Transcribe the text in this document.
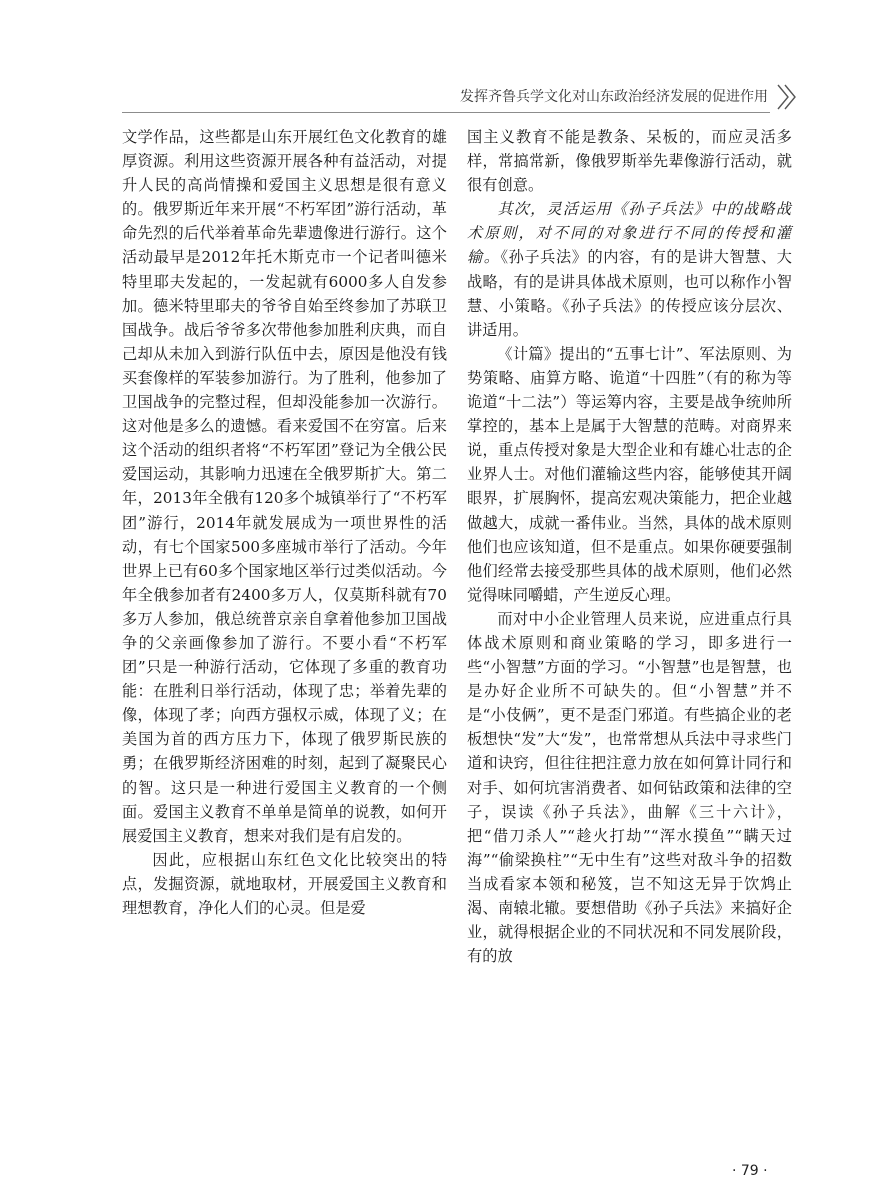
发挥齐鲁兵学文化对山东政治经济发展的促进作用

文学作品，这些都是山东开展红色文化教育的雄厚资源。利用这些资源开展各种有益活动，对提升人民的高尚情操和爱国主义思想是很有意义的。俄罗斯近年来开展“不朽军团”游行活动，革命先烈的后代举着革命先辈遗像进行游行。这个活动最早是2012年托木斯克市一个记者叫德米特里耶夫发起的，一发起就有6000多人自发参加。德米特里耶夫的爷爷自始至终参加了苏联卫国战争。战后爷爷多次带他参加胜利庆典，而自己却从未加入到游行队伍中去，原因是他没有钱买套像样的军装参加游行。为了胜利，他参加了卫国战争的完整过程，但却没能参加一次游行。这对他是多么的遗憾。看来爱国不在穷富。后来这个活动的组织者将“不朽军团”登记为全俄公民爱国运动，其影响力迅速在全俄罗斯扩大。第二年，2013年全俄有120多个城镇举行了“不朽军团”游行，2014年就发展成为一项世界性的活动，有七个国家500多座城市举行了活动。今年世界上已有60多个国家地区举行过类似活动。今年全俄参加者有2400多万人，仅莫斯科就有70多万人参加，俄总统普京亲自拿着他参加卫国战争的父亲画像参加了游行。不要小看“不朽军团”只是一种游行活动，它体现了多重的教育功能：在胜利日举行活动，体现了忠；举着先辈的像，体现了孝；向西方强权示威，体现了义；在美国为首的西方压力下，体现了俄罗斯民族的勇；在俄罗斯经济困难的时刻，起到了凝聚民心的智。这只是一种进行爱国主义教育的一个侧面。爱国主义教育不单单是简单的说教，如何开展爱国主义教育，想来对我们是有启发的。

因此，应根据山东红色文化比较突出的特点，发掘资源，就地取材，开展爱国主义教育和理想教育，净化人们的心灵。但是爱

国主义教育不能是教条、呆板的，而应灵活多样，常搞常新，像俄罗斯举先辈像游行活动，就很有创意。

其次，灵活运用《孙子兵法》中的战略战术原则，对不同的对象进行不同的传授和灌输。《孙子兵法》的内容，有的是讲大智慧、大战略，有的是讲具体战术原则，也可以称作小智慧、小策略。《孙子兵法》的传授应该分层次、讲适用。

《计篇》提出的“五事七计”、军法原则、为势策略、庙算方略、诡道“十四胜”（有的称为等诡道“十二法”）等运筹内容，主要是战争统帅所掌控的，基本上是属于大智慧的范畴。对商界来说，重点传授对象是大型企业和有雄心壮志的企业界人士。对他们灌输这些内容，能够使其开阔眼界，扩展胸怀，提高宏观决策能力，把企业越做越大，成就一番伟业。当然，具体的战术原则他们也应该知道，但不是重点。如果你硬要强制他们经常去接受那些具体的战术原则，他们必然觉得味同嚼蜡，产生逆反心理。

而对中小企业管理人员来说，应进重点行具体战术原则和商业策略的学习，即多进行一些“小智慧”方面的学习。“小智慧”也是智慧，也是办好企业所不可缺失的。但“小智慧”并不是“小伎俩”，更不是歪门邪道。有些搞企业的老板想快“发”大“发”，也常常想从兵法中寻求些门道和诀窍，但往往把注意力放在如何算计同行和对手、如何坑害消费者、如何钻政策和法律的空子，误读《孙子兵法》，曲解《三十六计》，把“借刀杀人”“趁火打劫”“浑水摸鱼”“瞒天过海”“偷梁换柱”“无中生有”这些对敌斗争的招数当成看家本领和秘笈，岂不知这无异于饮鸩止渴、南辕北辙。要想借助《孙子兵法》来搞好企业，就得根据企业的不同状况和不同发展阶段，有的放

· 79 ·
